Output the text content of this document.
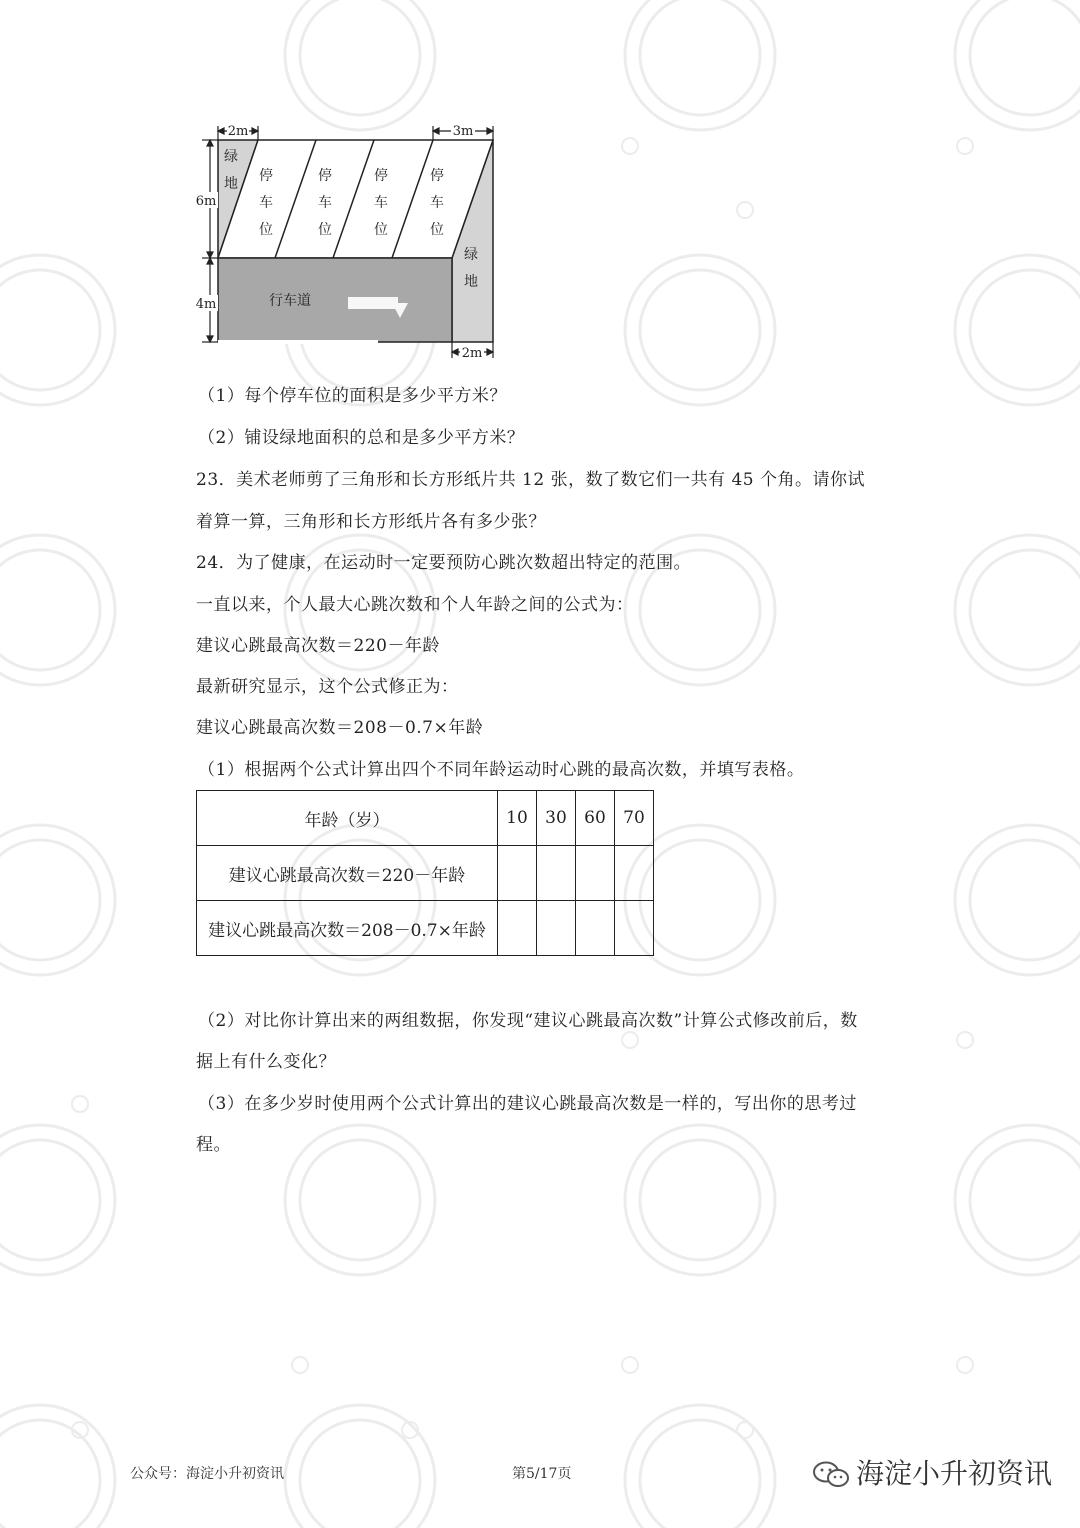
2m	3m
6m
4m
2m
绿
地
绿
地
停
车
位
停
车
位
停
车
位
停
车
位
行车道
（1）每个停车位的面积是多少平方米？
（2）铺设绿地面积的总和是多少平方米？
23．美术老师剪了三角形和长方形纸片共 12 张，数了数它们一共有 45 个角。请你试
着算一算，三角形和长方形纸片各有多少张？
24．为了健康，在运动时一定要预防心跳次数超出特定的范围。
一直以来，个人最大心跳次数和个人年龄之间的公式为：
建议心跳最高次数＝220－年龄
最新研究显示，这个公式修正为：
建议心跳最高次数＝208－0.7×年龄
（1）根据两个公式计算出四个不同年龄运动时心跳的最高次数，并填写表格。
年龄（岁）	10	30	60	70
建议心跳最高次数＝220－年龄				
建议心跳最高次数＝208－0.7×年龄				
（2）对比你计算出来的两组数据，你发现“建议心跳最高次数”计算公式修改前后，数
据上有什么变化？
（3）在多少岁时使用两个公式计算出的建议心跳最高次数是一样的，写出你的思考过
程。
公众号：海淀小升初资讯	第5/17页	海淀小升初资讯
